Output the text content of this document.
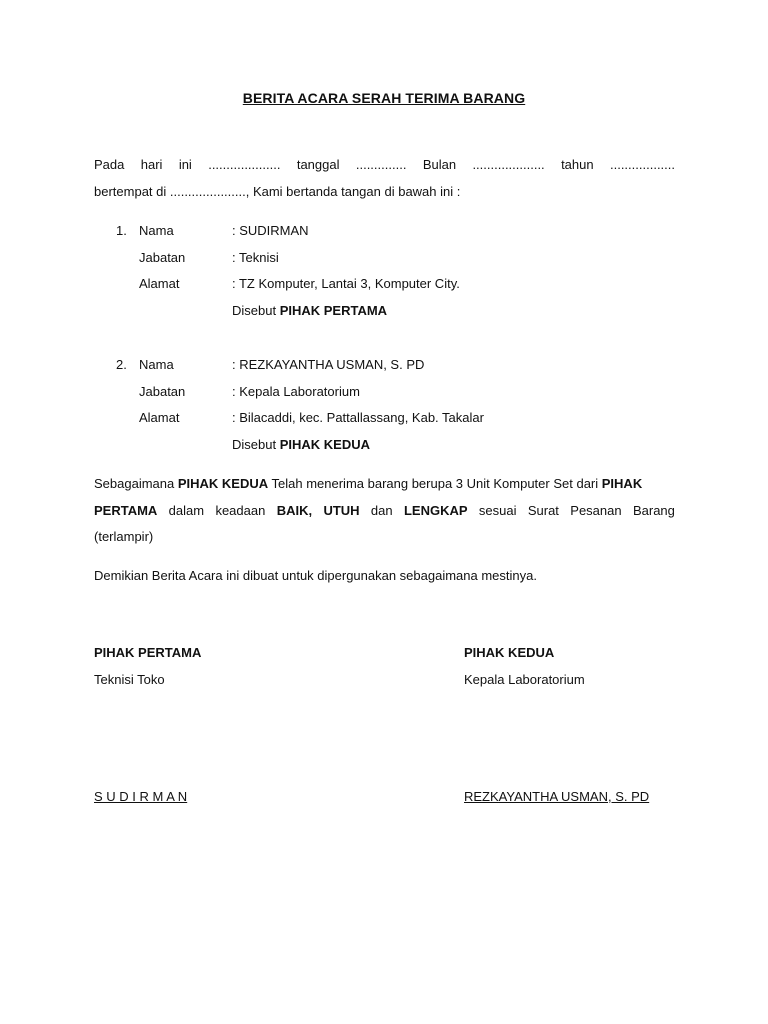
BERITA ACARA SERAH TERIMA BARANG
Pada hari ini .................... tanggal .............. Bulan .................... tahun ..................
bertempat di ....................., Kami bertanda tangan di bawah ini :
1. Nama	: SUDIRMAN
Jabatan	: Teknisi
Alamat	: TZ Komputer, Lantai 3, Komputer City.
Disebut PIHAK PERTAMA
2. Nama	: REZKAYANTHA USMAN, S. PD
Jabatan	: Kepala Laboratorium
Alamat	: Bilacaddi, kec. Pattallassang, Kab. Takalar
Disebut PIHAK KEDUA
Sebagaimana PIHAK KEDUA Telah menerima barang berupa 3 Unit Komputer Set dari PIHAK
PERTAMA dalam keadaan BAIK, UTUH dan LENGKAP sesuai Surat Pesanan Barang
(terlampir)
Demikian Berita Acara ini dibuat untuk dipergunakan sebagaimana mestinya.
PIHAK PERTAMA
Teknisi Toko
S U D I R M A N
PIHAK KEDUA
Kepala Laboratorium
REZKAYANTHA USMAN, S. PD
